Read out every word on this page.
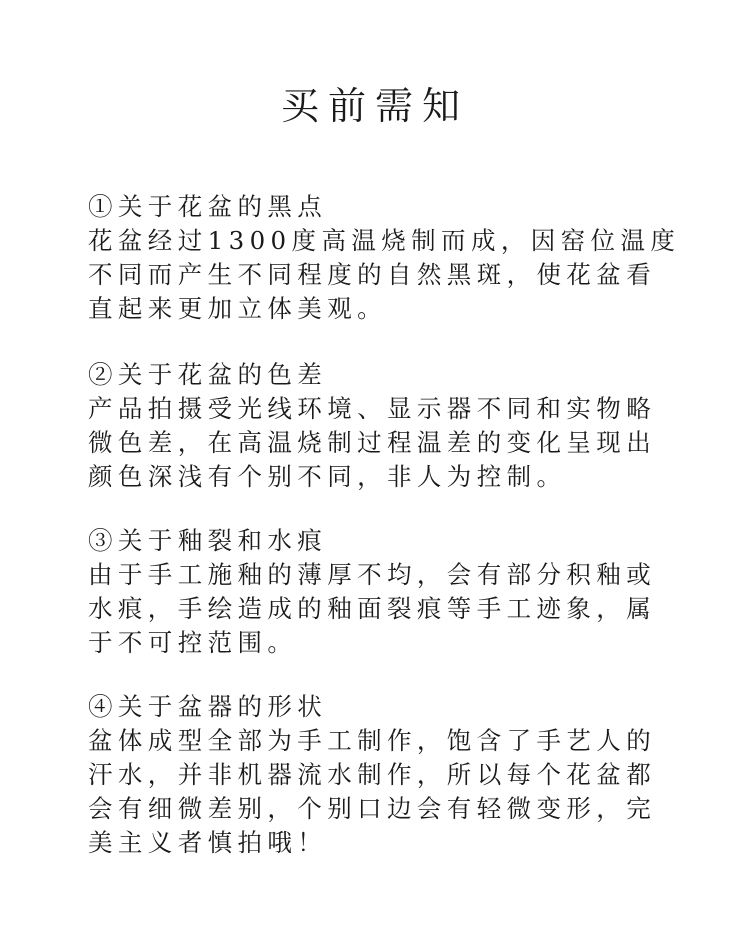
买前需知
①关于花盆的黑点
花盆经过1300度高温烧制而成，因窑位温度
不同而产生不同程度的自然黑斑，使花盆看
直起来更加立体美观。
②关于花盆的色差
产品拍摄受光线环境、显示器不同和实物略
微色差，在高温烧制过程温差的变化呈现出
颜色深浅有个别不同，非人为控制。
③关于釉裂和水痕
由于手工施釉的薄厚不均，会有部分积釉或
水痕，手绘造成的釉面裂痕等手工迹象，属
于不可控范围。
④关于盆器的形状
盆体成型全部为手工制作，饱含了手艺人的
汗水，并非机器流水制作，所以每个花盆都
会有细微差别，个别口边会有轻微变形，完
美主义者慎拍哦！
